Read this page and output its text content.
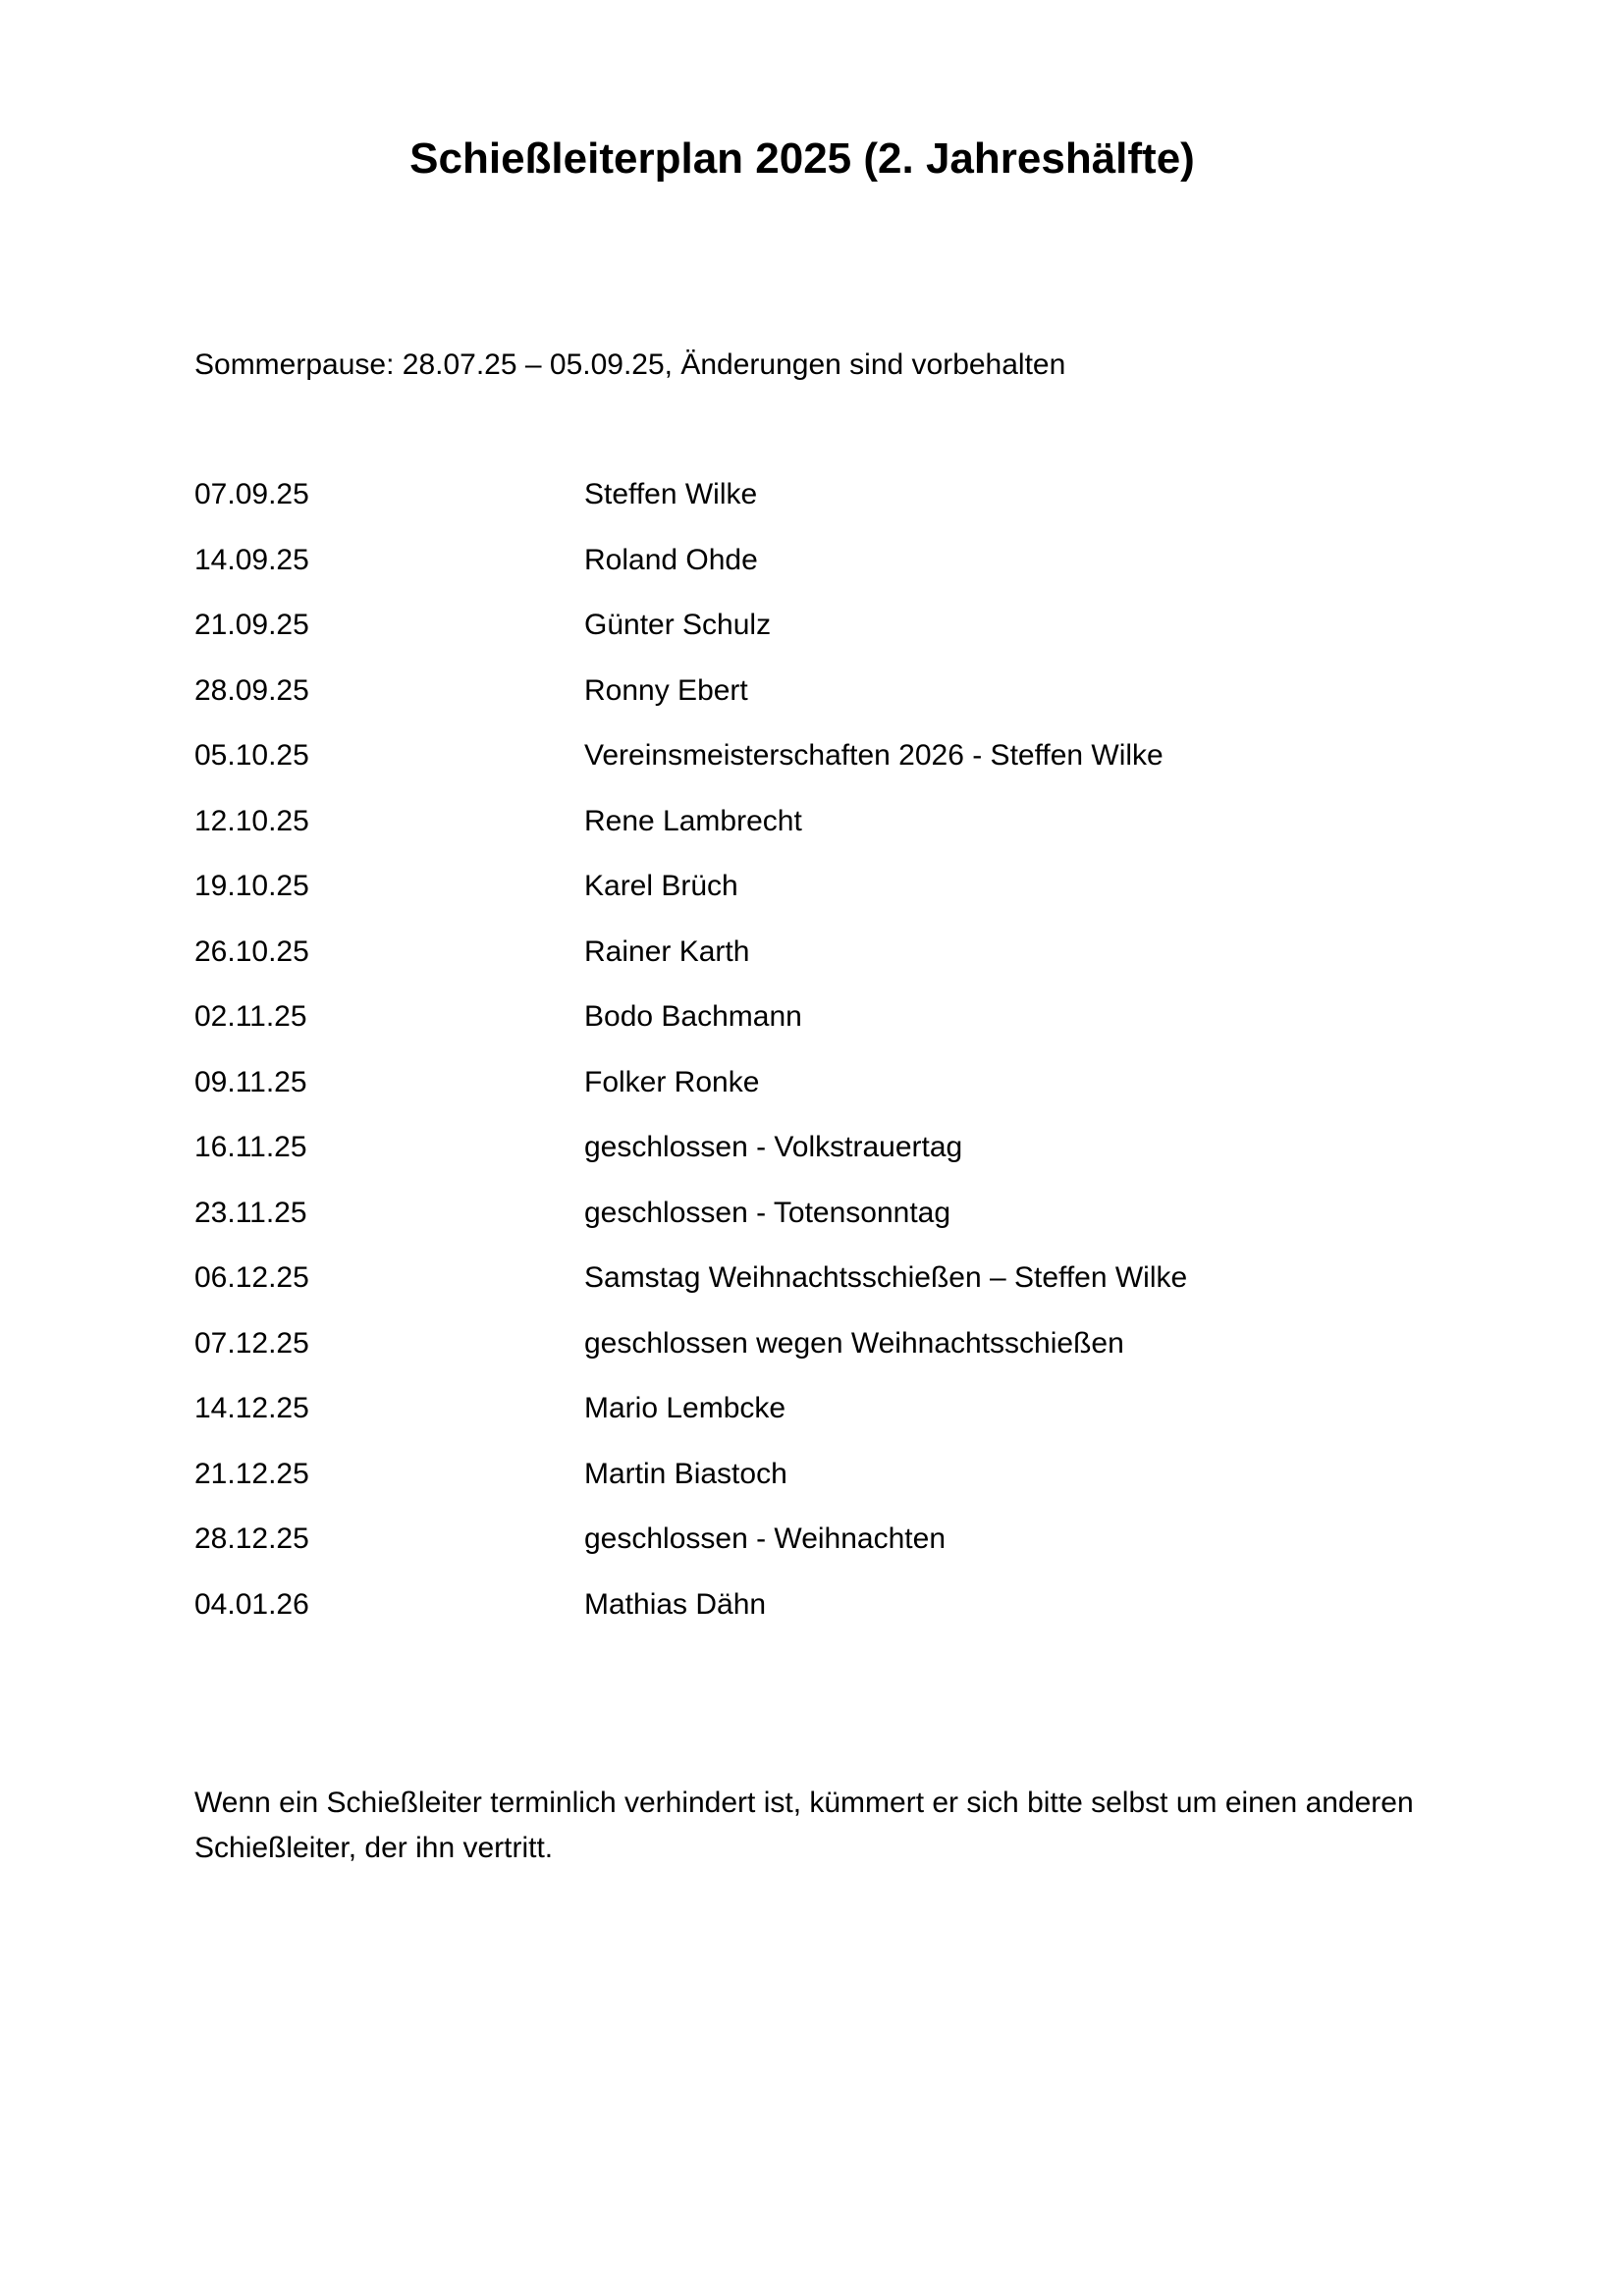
Schießleiterplan 2025 (2. Jahreshälfte)

Sommerpause: 28.07.25 – 05.09.25, Änderungen sind vorbehalten

07.09.25	Steffen Wilke
14.09.25	Roland Ohde
21.09.25	Günter Schulz
28.09.25	Ronny Ebert
05.10.25	Vereinsmeisterschaften 2026 - Steffen Wilke
12.10.25	Rene Lambrecht
19.10.25	Karel Brüch
26.10.25	Rainer Karth
02.11.25	Bodo Bachmann
09.11.25	Folker Ronke
16.11.25	geschlossen - Volkstrauertag
23.11.25	geschlossen - Totensonntag
06.12.25	Samstag Weihnachtsschießen – Steffen Wilke
07.12.25	geschlossen wegen Weihnachtsschießen
14.12.25	Mario Lembcke
21.12.25	Martin Biastoch
28.12.25	geschlossen - Weihnachten
04.01.26	Mathias Dähn

Wenn ein Schießleiter terminlich verhindert ist, kümmert er sich bitte selbst um einen anderen Schießleiter, der ihn vertritt.
